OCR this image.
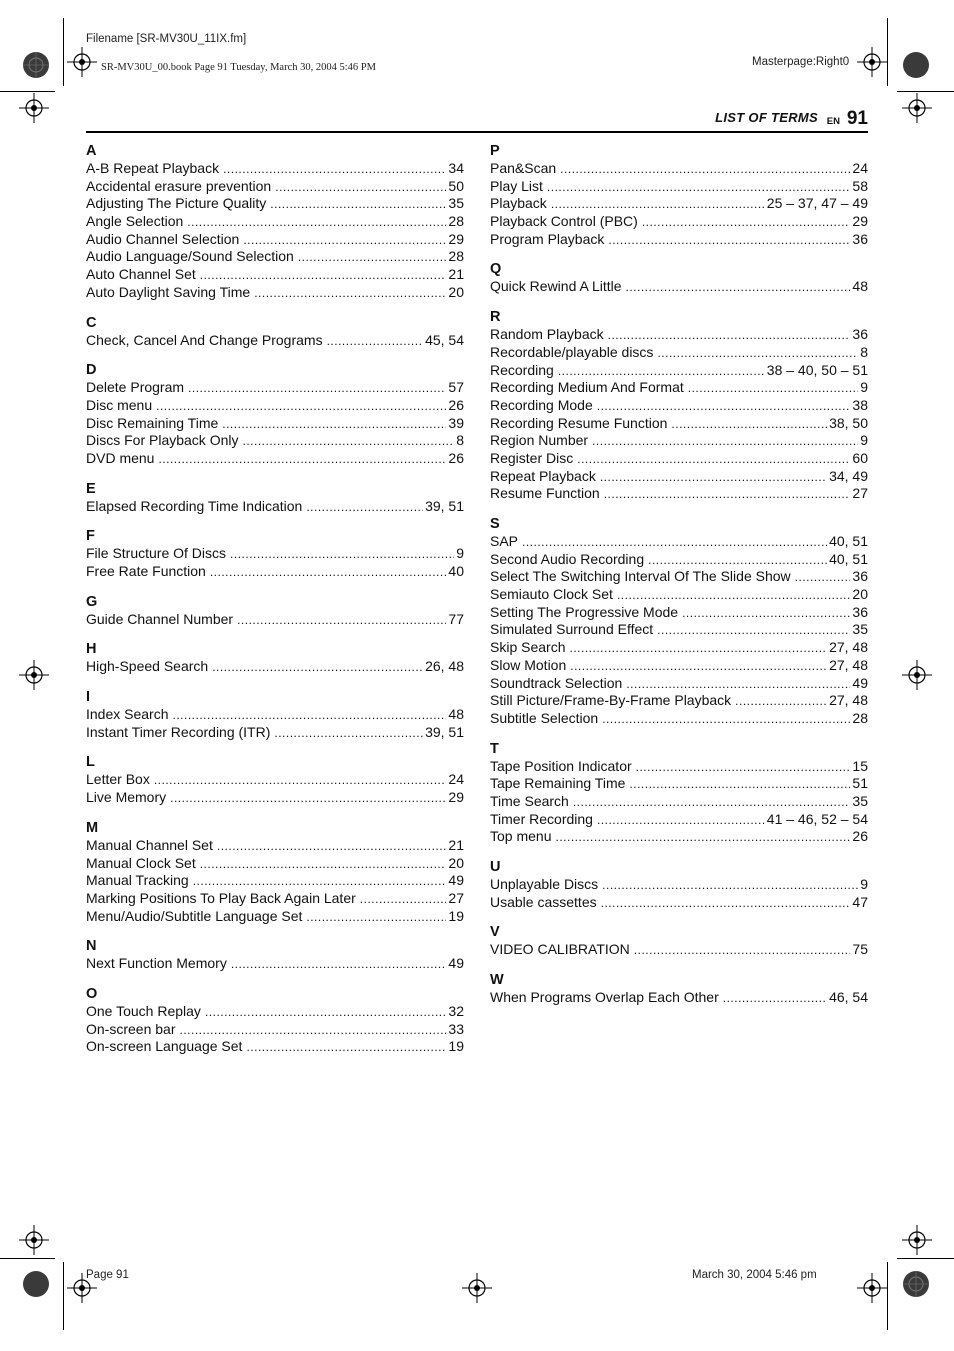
Filename [SR-MV30U_11IX.fm]
SR-MV30U_00.book Page 91 Tuesday, March 30, 2004 5:46 PM	Masterpage:Right0
Page 91	March 30, 2004 5:46 pm
LIST OF TERMS EN 91
A
A-B Repeat Playback .....	34
Accidental erasure prevention .....	50
Adjusting The Picture Quality .....	35
Angle Selection .....	28
Audio Channel Selection .....	29
Audio Language/Sound Selection .....	28
Auto Channel Set .....	21
Auto Daylight Saving Time .....	20
C
Check, Cancel And Change Programs .....	45, 54
D
Delete Program .....	57
Disc menu .....	26
Disc Remaining Time .....	39
Discs For Playback Only .....	8
DVD menu .....	26
E
Elapsed Recording Time Indication .....	39, 51
F
File Structure Of Discs .....	9
Free Rate Function .....	40
G
Guide Channel Number .....	77
H
High-Speed Search .....	26, 48
I
Index Search .....	48
Instant Timer Recording (ITR) .....	39, 51
L
Letter Box .....	24
Live Memory .....	29
M
Manual Channel Set .....	21
Manual Clock Set .....	20
Manual Tracking .....	49
Marking Positions To Play Back Again Later .....	27
Menu/Audio/Subtitle Language Set .....	19
N
Next Function Memory .....	49
O
One Touch Replay .....	32
On-screen bar .....	33
On-screen Language Set .....	19
P
Pan&Scan .....	24
Play List .....	58
Playback .....	25 – 37, 47 – 49
Playback Control (PBC) .....	29
Program Playback .....	36
Q
Quick Rewind A Little .....	48
R
Random Playback .....	36
Recordable/playable discs .....	8
Recording .....	38 – 40, 50 – 51
Recording Medium And Format .....	9
Recording Mode .....	38
Recording Resume Function .....	38, 50
Region Number .....	9
Register Disc .....	60
Repeat Playback .....	34, 49
Resume Function .....	27
S
SAP .....	40, 51
Second Audio Recording .....	40, 51
Select The Switching Interval Of The Slide Show .....	36
Semiauto Clock Set .....	20
Setting The Progressive Mode .....	36
Simulated Surround Effect .....	35
Skip Search .....	27, 48
Slow Motion .....	27, 48
Soundtrack Selection .....	49
Still Picture/Frame-By-Frame Playback .....	27, 48
Subtitle Selection .....	28
T
Tape Position Indicator .....	15
Tape Remaining Time .....	51
Time Search .....	35
Timer Recording .....	41 – 46, 52 – 54
Top menu .....	26
U
Unplayable Discs .....	9
Usable cassettes .....	47
V
VIDEO CALIBRATION .....	75
W
When Programs Overlap Each Other .....	46, 54
